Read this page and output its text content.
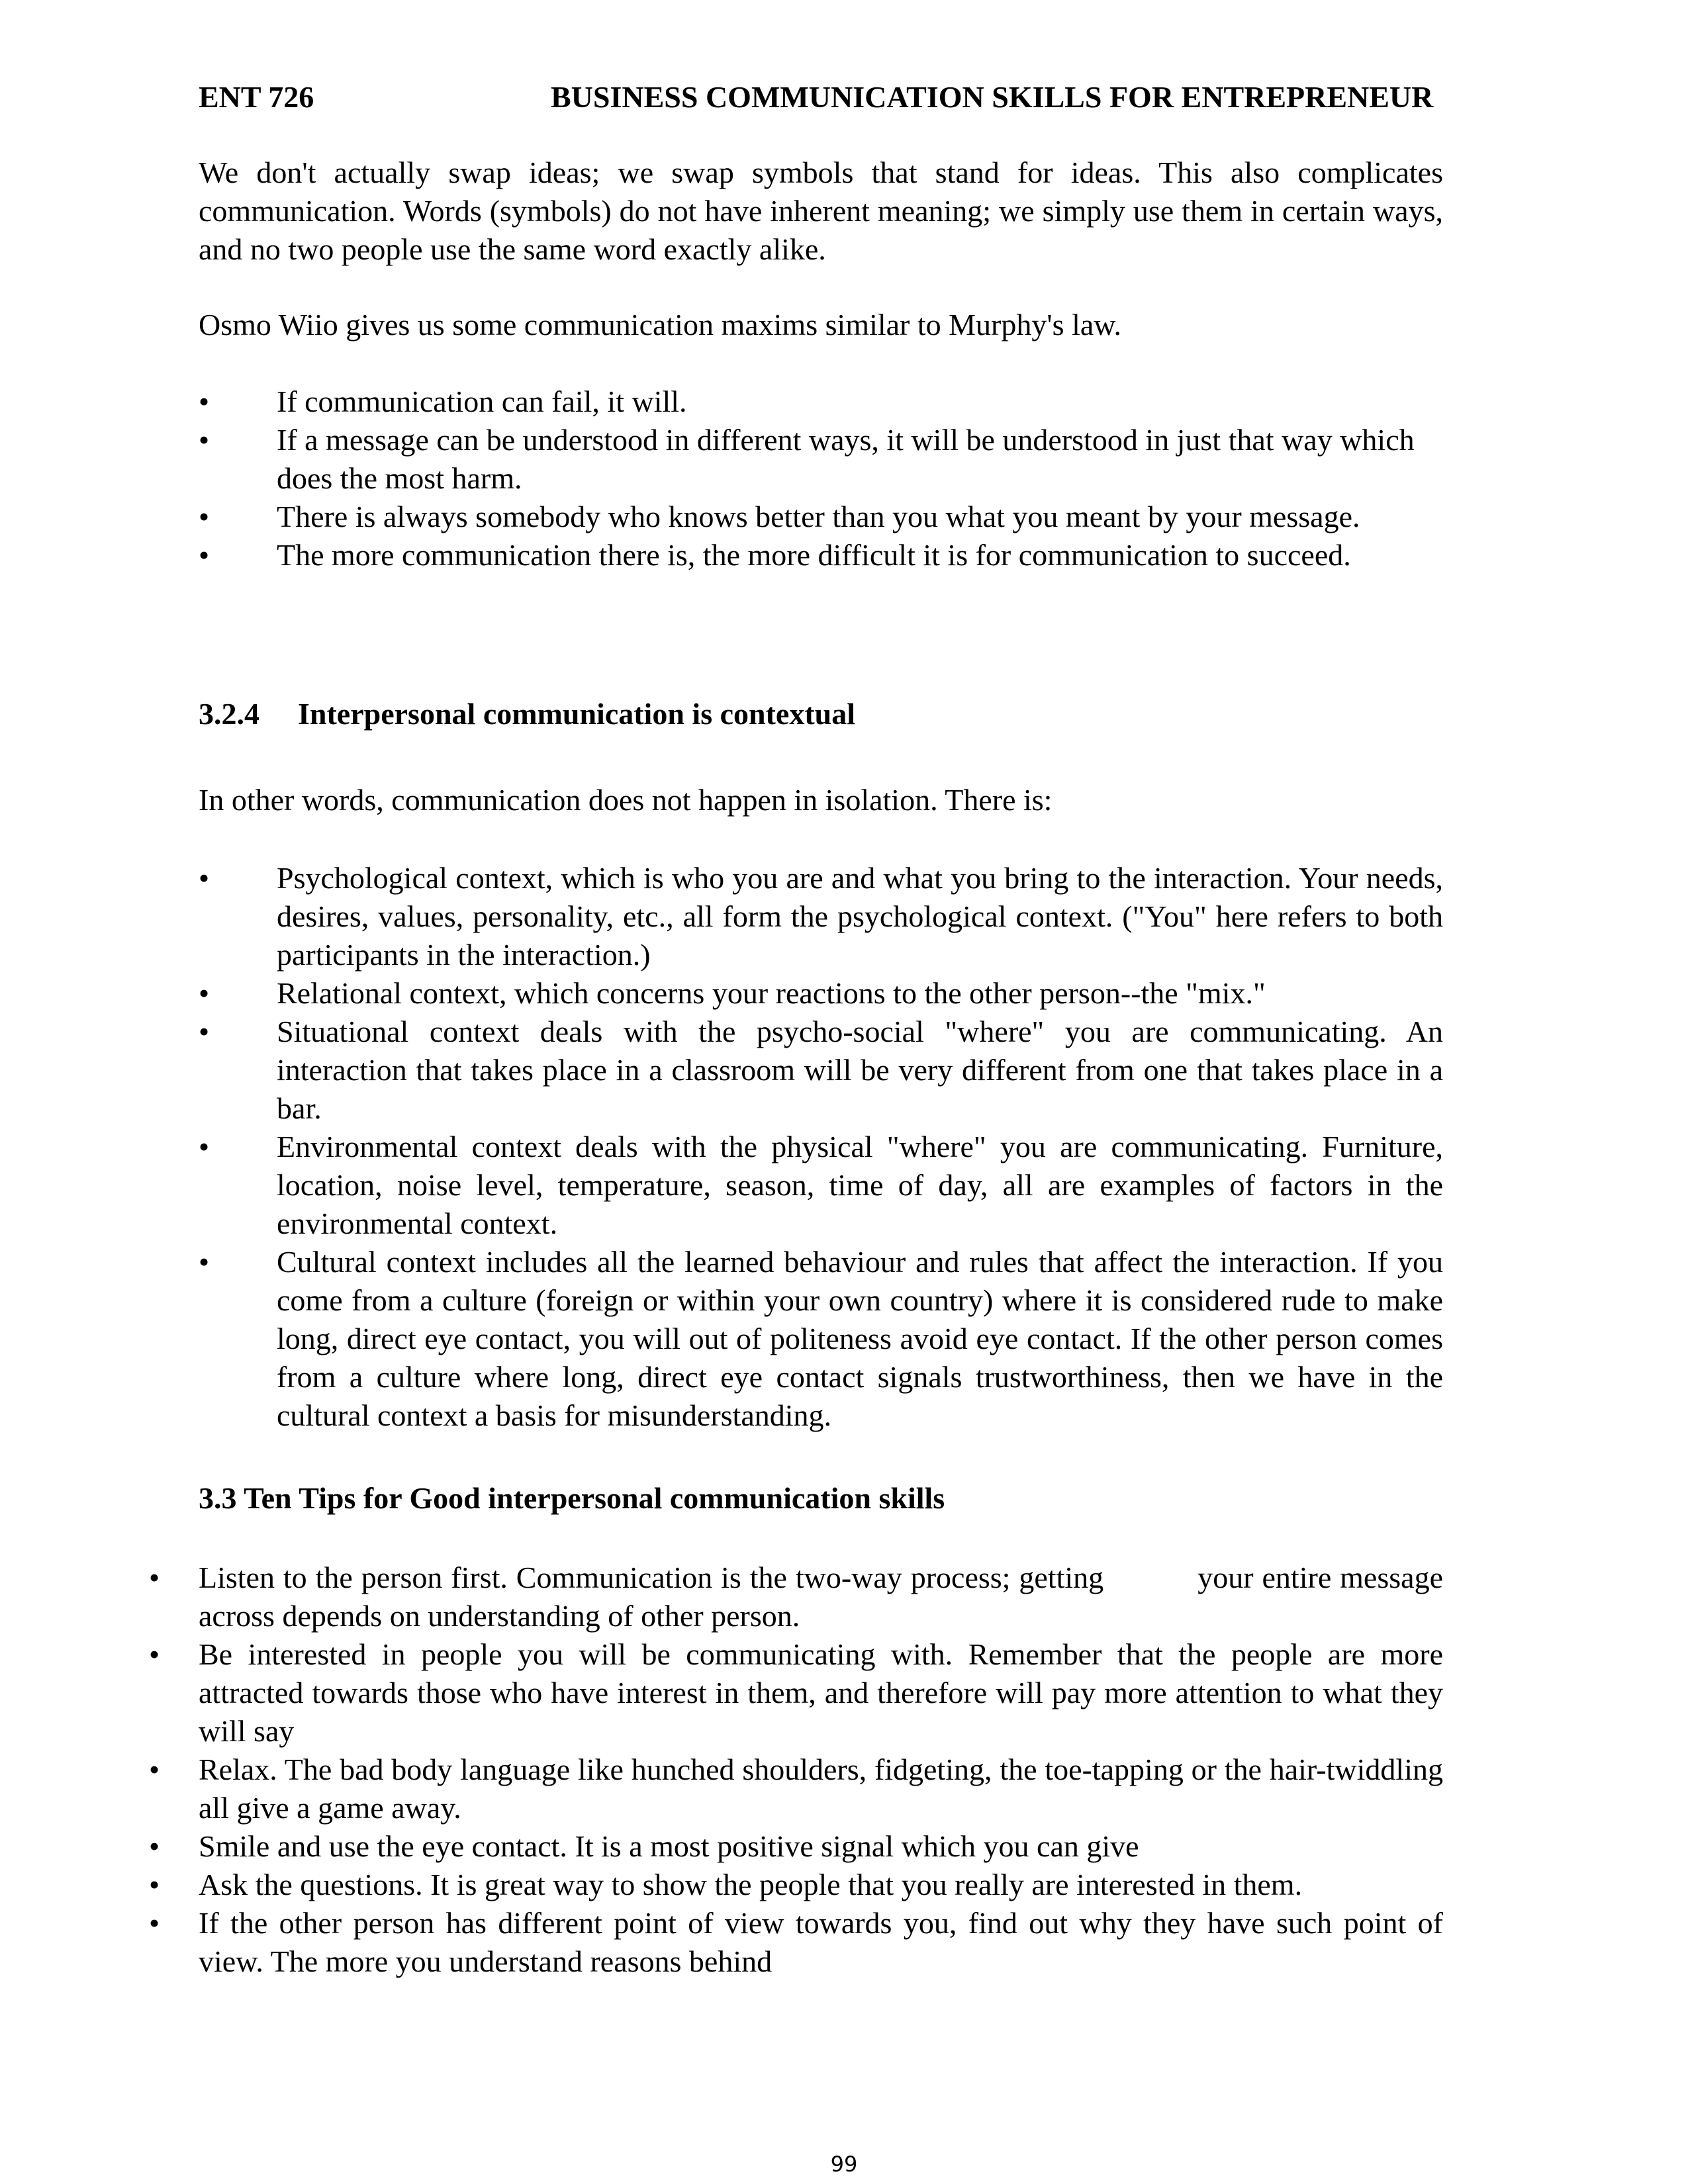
ENT 726	BUSINESS COMMUNICATION SKILLS FOR ENTREPRENEUR

We don't actually swap ideas; we swap symbols that stand for ideas. This also complicates communication. Words (symbols) do not have inherent meaning; we simply use them in certain ways, and no two people use the same word exactly alike.

Osmo Wiio gives us some communication maxims similar to Murphy's law.

•	If communication can fail, it will.
•	If a message can be understood in different ways, it will be understood in just that way which does the most harm.
•	There is always somebody who knows better than you what you meant by your message.
•	The more communication there is, the more difficult it is for communication to succeed.
3.2.4 Interpersonal communication is contextual

In other words, communication does not happen in isolation. There is:

•	Psychological context, which is who you are and what you bring to the interaction. Your needs, desires, values, personality, etc., all form the psychological context. ("You" here refers to both participants in the interaction.)
•	Relational context, which concerns your reactions to the other person--the "mix."
•	Situational context deals with the psycho-social "where" you are communicating. An interaction that takes place in a classroom will be very different from one that takes place in a bar.
•	Environmental context deals with the physical "where" you are communicating. Furniture, location, noise level, temperature, season, time of day, all are examples of factors in the environmental context.
•	Cultural context includes all the learned behaviour and rules that affect the interaction. If you come from a culture (foreign or within your own country) where it is considered rude to make long, direct eye contact, you will out of politeness avoid eye contact. If the other person comes from a culture where long, direct eye contact signals trustworthiness, then we have in the cultural context a basis for misunderstanding.
3.3 Ten Tips for Good interpersonal communication skills
•	Listen to the person first. Communication is the two-way process; getting           your entire message across depends on understanding of other person.
•	Be interested in people you will be communicating with. Remember that the people are more attracted towards those who have interest in them, and therefore will pay more attention to what they will say
•	Relax. The bad body language like hunched shoulders, fidgeting, the toe-tapping or the hair-twiddling all give a game away.
•	Smile and use the eye contact. It is a most positive signal which you can give
•	Ask the questions. It is great way to show the people that you really are interested in them.
•	If the other person has different point of view towards you, find out why they have such point of view. The more you understand reasons behind
99
